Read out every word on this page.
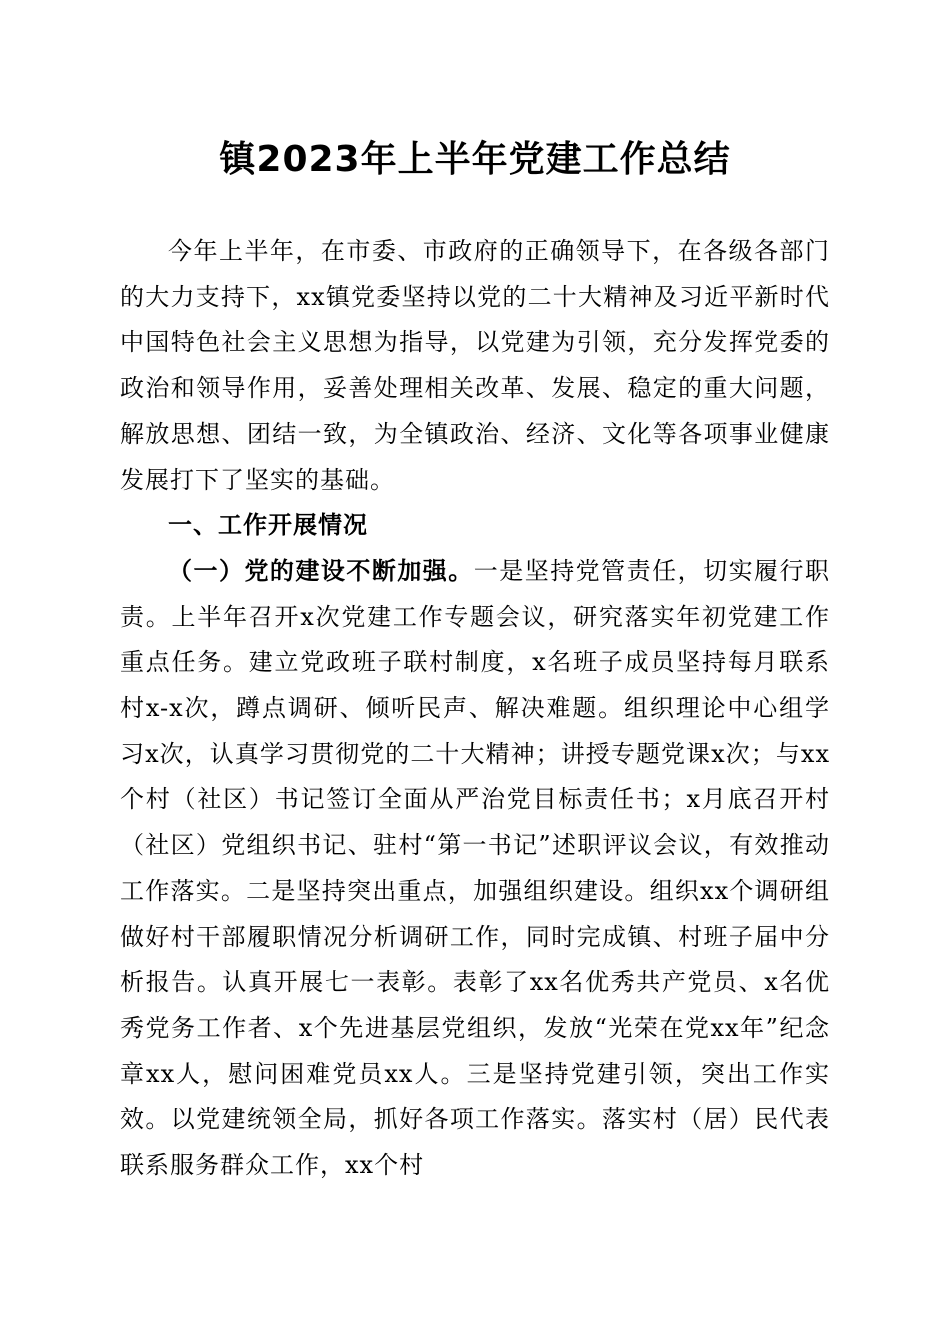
镇2023年上半年党建工作总结

今年上半年，在市委、市政府的正确领导下，在各级各部门的大力支持下，xx镇党委坚持以党的二十大精神及习近平新时代中国特色社会主义思想为指导，以党建为引领，充分发挥党委的政治和领导作用，妥善处理相关改革、发展、稳定的重大问题，解放思想、团结一致，为全镇政治、经济、文化等各项事业健康发展打下了坚实的基础。

一、工作开展情况

（一）党的建设不断加强。一是坚持党管责任，切实履行职责。上半年召开x次党建工作专题会议，研究落实年初党建工作重点任务。建立党政班子联村制度，x名班子成员坚持每月联系村x-x次，蹲点调研、倾听民声、解决难题。组织理论中心组学习x次，认真学习贯彻党的二十大精神；讲授专题党课x次；与xx个村（社区）书记签订全面从严治党目标责任书；x月底召开村（社区）党组织书记、驻村“第一书记”述职评议会议，有效推动工作落实。二是坚持突出重点，加强组织建设。组织xx个调研组做好村干部履职情况分析调研工作，同时完成镇、村班子届中分析报告。认真开展七一表彰。表彰了xx名优秀共产党员、x名优秀党务工作者、x个先进基层党组织，发放“光荣在党xx年”纪念章xx人，慰问困难党员xx人。三是坚持党建引领，突出工作实效。以党建统领全局，抓好各项工作落实。落实村（居）民代表联系服务群众工作，xx个村
